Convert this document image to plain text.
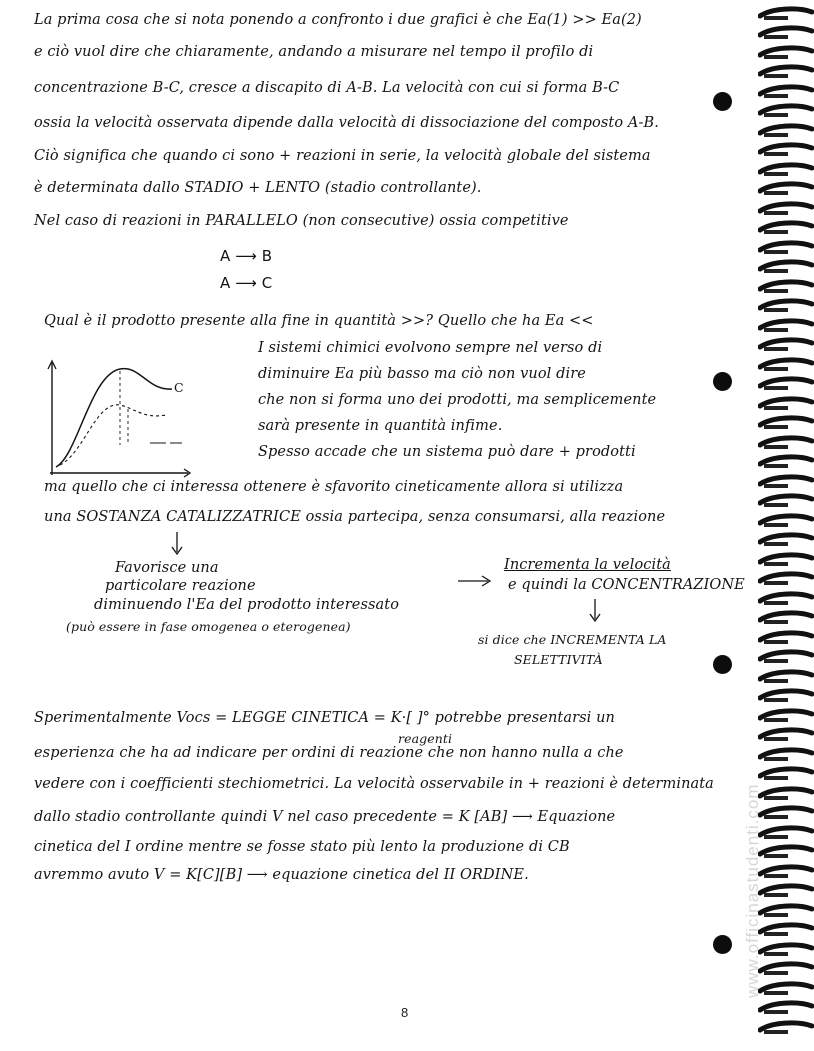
La prima cosa che si nota ponendo a confronto i due grafici è che Ea(1) >> Ea(2)
e ciò vuol dire che chiaramente, andando a misurare nel tempo il profilo di
concentrazione B-C, cresce a discapito di A-B. La velocità con cui si forma B-C
ossia la velocità osservata dipende dalla velocità di dissociazione del composto A-B.
Ciò significa che quando ci sono + reazioni in serie, la velocità globale del sistema
è determinata dallo STADIO + LENTO (stadio controllante).
Nel caso di reazioni in PARALLELO (non consecutive) ossia competitive
A ⟶ B
A ⟶ C
Qual è il prodotto presente alla fine in quantità >>? Quello che ha Ea <<
C
I sistemi chimici evolvono sempre nel verso di
diminuire Ea più basso ma ciò non vuol dire
che non si forma uno dei prodotti, ma semplicemente
sarà presente in quantità infime.
Spesso accade che un sistema può dare + prodotti
ma quello che ci interessa ottenere è sfavorito cineticamente allora si utilizza
una SOSTANZA CATALIZZATRICE ossia partecipa, senza consumarsi, alla reazione
Favorisce una
particolare reazione
diminuendo l'Ea del prodotto interessato
(può essere in fase omogenea o eterogenea)
Incrementa la velocità
e quindi la CONCENTRAZIONE
si dice che INCREMENTA LA
SELETTIVITÀ
reagenti
Sperimentalmente Vocs = LEGGE CINETICA = K·[ ]° potrebbe presentarsi un
esperienza che ha ad indicare per ordini di reazione che non hanno nulla a che
vedere con i coefficienti stechiometrici. La velocità osservabile in + reazioni è determinata
dallo stadio controllante quindi V nel caso precedente = K [AB] ⟶ Equazione
cinetica del I ordine mentre se fosse stato più lento la produzione di CB
avremmo avuto V = K[C][B] ⟶ equazione cinetica del II ORDINE.
8
www.officinastudenti.com
